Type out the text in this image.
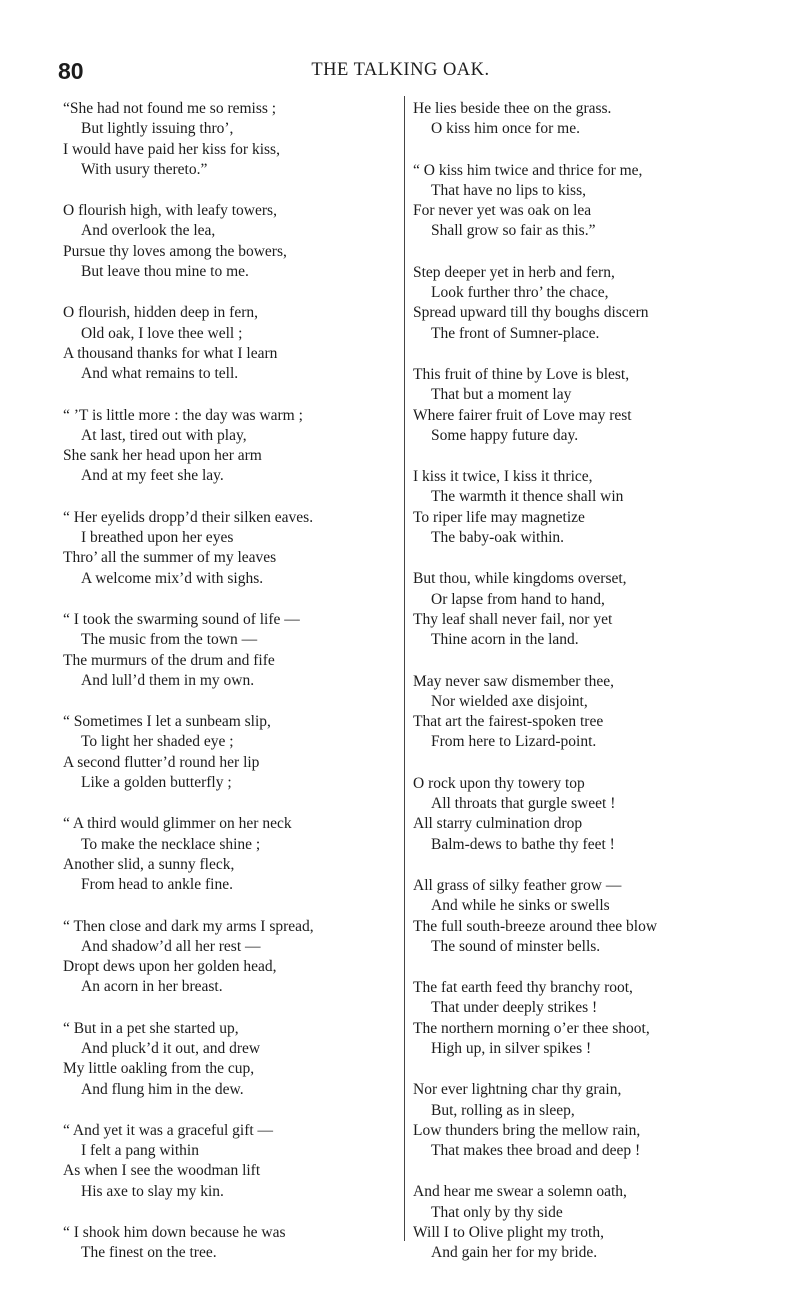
80	THE TALKING OAK.
“She had not found me so remiss ;
But lightly issuing thro’,
I would have paid her kiss for kiss,
With usury thereto.”
O flourish high, with leafy towers,
And overlook the lea,
Pursue thy loves among the bowers,
But leave thou mine to me.
O flourish, hidden deep in fern,
Old oak, I love thee well ;
A thousand thanks for what I learn
And what remains to tell.
“ ’T is little more : the day was warm ;
At last, tired out with play,
She sank her head upon her arm
And at my feet she lay.
“ Her eyelids dropp’d their silken eaves.
I breathed upon her eyes
Thro’ all the summer of my leaves
A welcome mix’d with sighs.
“ I took the swarming sound of life —
The music from the town —
The murmurs of the drum and fife
And lull’d them in my own.
“ Sometimes I let a sunbeam slip,
To light her shaded eye ;
A second flutter’d round her lip
Like a golden butterfly ;
“ A third would glimmer on her neck
To make the necklace shine ;
Another slid, a sunny fleck,
From head to ankle fine.
“ Then close and dark my arms I spread,
And shadow’d all her rest —
Dropt dews upon her golden head,
An acorn in her breast.
“ But in a pet she started up,
And pluck’d it out, and drew
My little oakling from the cup,
And flung him in the dew.
“ And yet it was a graceful gift —
I felt a pang within
As when I see the woodman lift
His axe to slay my kin.
“ I shook him down because he was
The finest on the tree.
He lies beside thee on the grass.
O kiss him once for me.
“ O kiss him twice and thrice for me,
That have no lips to kiss,
For never yet was oak on lea
Shall grow so fair as this.”
Step deeper yet in herb and fern,
Look further thro’ the chace,
Spread upward till thy boughs discern
The front of Sumner-place.
This fruit of thine by Love is blest,
That but a moment lay
Where fairer fruit of Love may rest
Some happy future day.
I kiss it twice, I kiss it thrice,
The warmth it thence shall win
To riper life may magnetize
The baby-oak within.
But thou, while kingdoms overset,
Or lapse from hand to hand,
Thy leaf shall never fail, nor yet
Thine acorn in the land.
May never saw dismember thee,
Nor wielded axe disjoint,
That art the fairest-spoken tree
From here to Lizard-point.
O rock upon thy towery top
All throats that gurgle sweet !
All starry culmination drop
Balm-dews to bathe thy feet !
All grass of silky feather grow —
And while he sinks or swells
The full south-breeze around thee blow
The sound of minster bells.
The fat earth feed thy branchy root,
That under deeply strikes !
The northern morning o’er thee shoot,
High up, in silver spikes !
Nor ever lightning char thy grain,
But, rolling as in sleep,
Low thunders bring the mellow rain,
That makes thee broad and deep !
And hear me swear a solemn oath,
That only by thy side
Will I to Olive plight my troth,
And gain her for my bride.
